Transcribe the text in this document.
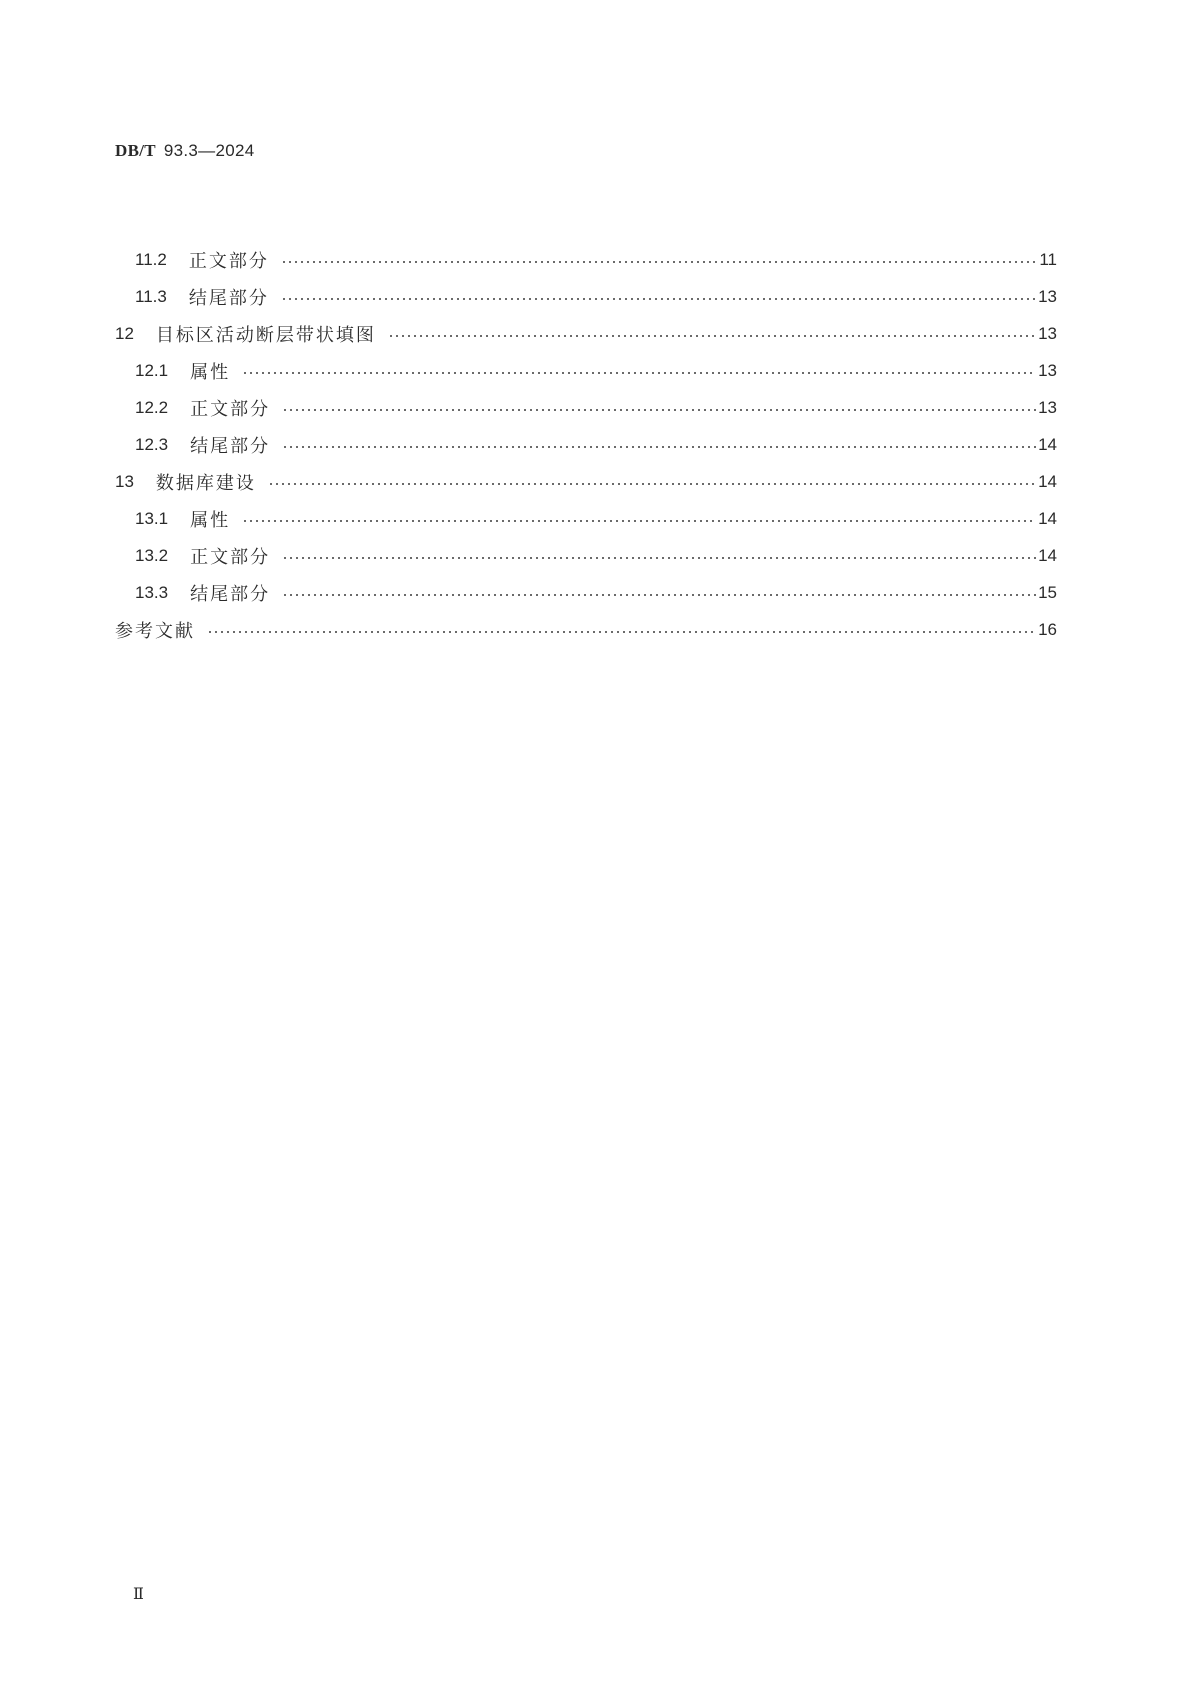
DB/T 93.3—2024
11.2 正文部分	11
11.3 结尾部分	13
12 目标区活动断层带状填图	13
12.1 属性	13
12.2 正文部分	13
12.3 结尾部分	14
13 数据库建设	14
13.1 属性	14
13.2 正文部分	14
13.3 结尾部分	15
参考文献	16
Ⅱ
